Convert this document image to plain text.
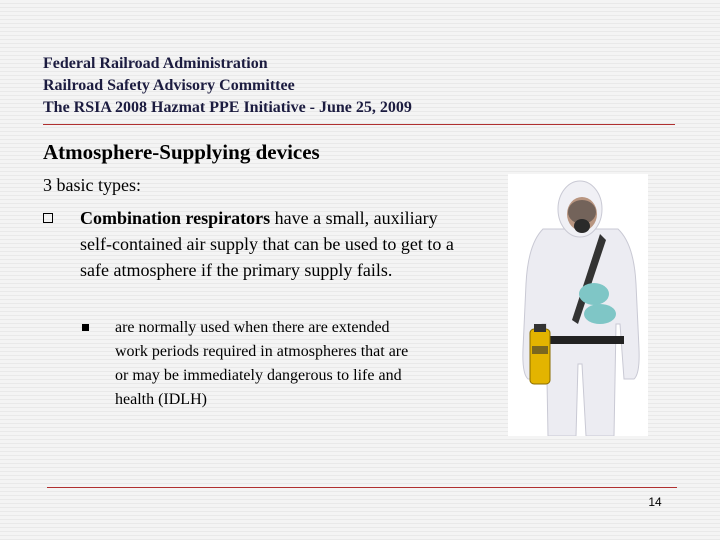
Federal Railroad Administration
Railroad Safety Advisory Committee
The RSIA 2008 Hazmat PPE Initiative - June 25, 2009
Atmosphere-Supplying devices
3 basic types:
Combination respirators have a small, auxiliary self-contained air supply that can be used to get to a safe atmosphere if the primary supply fails.
are normally used when there are extended work periods required in atmospheres that are or may be immediately dangerous to life and health (IDLH)
14
